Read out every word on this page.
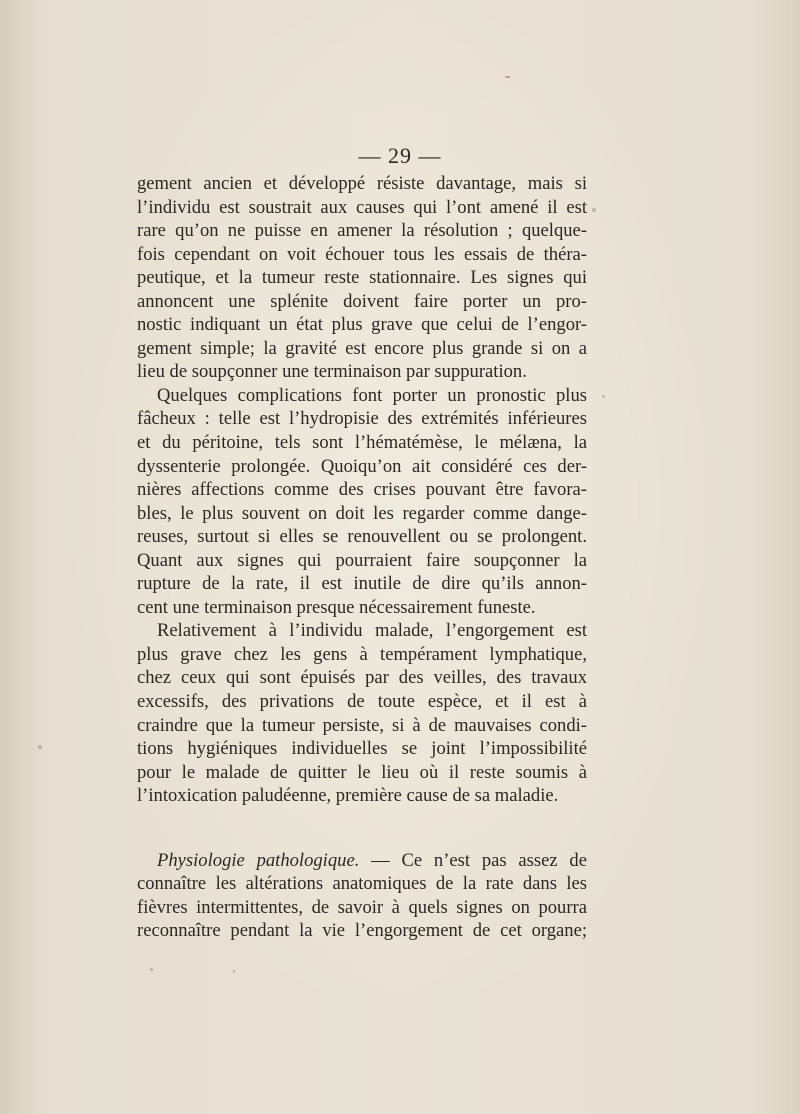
— 29 —
gement ancien et développé résiste davantage, mais si
l’individu est soustrait aux causes qui l’ont amené il est
rare qu’on ne puisse en amener la résolution ; quelque-
fois cependant on voit échouer tous les essais de théra-
peutique, et la tumeur reste stationnaire. Les signes qui
annoncent une splénite doivent faire porter un pro-
nostic indiquant un état plus grave que celui de l’engor-
gement simple; la gravité est encore plus grande si on a
lieu de soupçonner une terminaison par suppuration.
Quelques complications font porter un pronostic plus
fâcheux : telle est l’hydropisie des extrémités inférieures
et du péritoine, tels sont l’hématémèse, le mélæna, la
dyssenterie prolongée. Quoiqu’on ait considéré ces der-
nières affections comme des crises pouvant être favora-
bles, le plus souvent on doit les regarder comme dange-
reuses, surtout si elles se renouvellent ou se prolongent.
Quant aux signes qui pourraient faire soupçonner la
rupture de la rate, il est inutile de dire qu’ils annon-
cent une terminaison presque nécessairement funeste.
Relativement à l’individu malade, l’engorgement est
plus grave chez les gens à tempérament lymphatique,
chez ceux qui sont épuisés par des veilles, des travaux
excessifs, des privations de toute espèce, et il est à
craindre que la tumeur persiste, si à de mauvaises condi-
tions hygiéniques individuelles se joint l’impossibilité
pour le malade de quitter le lieu où il reste soumis à
l’intoxication paludéenne, première cause de sa maladie.
Physiologie pathologique. — Ce n’est pas assez de
connaître les altérations anatomiques de la rate dans les
fièvres intermittentes, de savoir à quels signes on pourra
reconnaître pendant la vie l’engorgement de cet organe;
